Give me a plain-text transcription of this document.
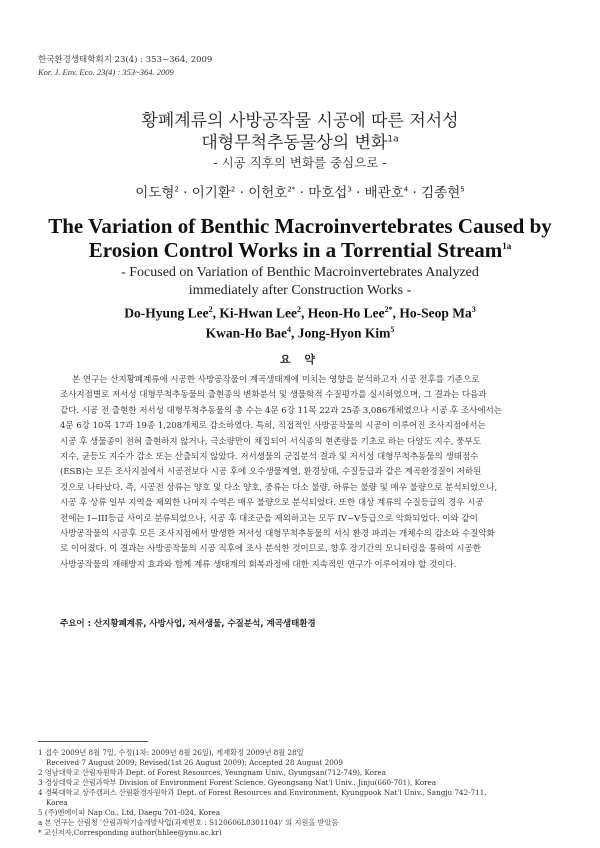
한국환경생태학회지 23(4) : 353~364, 2009
Kor. J. Env. Eco. 23(4) : 353~364. 2009
황폐계류의 사방공작물 시공에 따른 저서성
대형무척추동물상의 변화$^{1a}$
- 시공 직후의 변화를 중심으로 -
이도형$^2$ · 이기환$^2$ · 이헌호$^{2*}$ · 마호섭$^3$ · 배관호$^4$ · 김종현$^5$
The Variation of Benthic Macroinvertebrates Caused by
Erosion Control Works in a Torrential Stream$^{1a}$
- Focused on Variation of Benthic Macroinvertebrates Analyzed
immediately after Construction Works -
Do-Hyung Lee$^2$, Ki-Hwan Lee$^2$, Heon-Ho Lee$^{2*}$, Ho-Seop Ma$^3$
Kwan-Ho Bae$^4$, Jong-Hyon Kim$^5$
요 약
본 연구는 산지황폐계류에 시공한 사방공작물이 계곡생태계에 미치는 영향을 분석하고자 시공 전후를 기준으로
조사지점별로 저서성 대형무척추동물의 출현종의 변화분석 및 생물학적 수질평가를 실시하였으며, 그 결과는 다음과
같다. 시공 전 출현한 저서성 대형무척추동물의 총 수는 4문 6강 11목 22과 25종 3,086개체였으나 시공 후 조사에서는
4문 6강 10목 17과 19종 1,208개체로 감소하였다. 특히, 직접적인 사방공작물의 시공이 이루어진 조사지점에서는
시공 후 생물종이 전혀 출현하지 않거나, 극소량만이 채집되어 서식종의 현존량을 기초로 하는 다양도 지수, 풍부도
지수, 균등도 지수가 감소 또는 산출되지 않았다. 저서생물의 군집분석 결과 및 저서성 대형무척추동물의 생태점수
(ESB)는 모든 조사지점에서 시공전보다 시공 후에 오수생물계열, 환경상태, 수질등급과 같은 계곡환경질이 저하된
것으로 나타났다. 즉, 시공전 상류는 양호 및 다소 양호, 중류는 다소 불량, 하류는 불량 및 매우 불량으로 분석되었으나,
시공 후 상류 일부 지역을 제외한 나머지 수역은 매우 불량으로 분석되었다. 또한 대상 계류의 수질등급의 경우 시공
전에는 I~III등급 사이로 분류되었으나, 시공 후 대조군을 제외하고는 모두 IV~V등급으로 악화되었다. 이와 같이
사방공작물의 시공후 모든 조사지점에서 발생한 저서성 대형무척추동물의 서식 환경 파괴는 개체수의 감소와 수질악화
로 이어졌다. 이 결과는 사방공작물의 시공 직후에 조사 분석한 것이므로, 향후 장기간의 모니터링을 통하여 시공한
사방공작물의 재해방지 효과와 함께 계류 생태계의 회복과정에 대한 지속적인 연구가 이루어져야 할 것이다.
주요어 : 산지황폐계류, 사방사업, 저서생물, 수질분석, 계곡생태환경
1 접수 2009년 8월 7일, 수정(1차: 2009년 8월 26일), 게재확정 2009년 8월 28일
Received 7 August 2009; Revised(1st 26 August 2009); Accepted 28 August 2009
2 영남대학교 산림자원학과 Dept. of Forest Resources, Yeungnam Univ., Gyungsan(712-749), Korea
3 경상대학교 산림과학부 Division of Environment Forest Science, Gyeongsang Nat'l Univ., Jinju(660-701), Korea
4 경북대학교 상주캠퍼스 산림환경자원학과 Dept. of Forest Resources and Environment, Kyungpook Nat'l Univ., Sangju 742-711,
Korea
5 (주)엔에이피 Nap Co., Ltd, Daegu 701-024, Korea
a 본 연구는 산림청 '산림과학기술개발사업(과제번호 : S120606L0301104)' 의 지원을 받았음
* 교신저자,Corresponding author(hhlee@ynu.ac.kr)
